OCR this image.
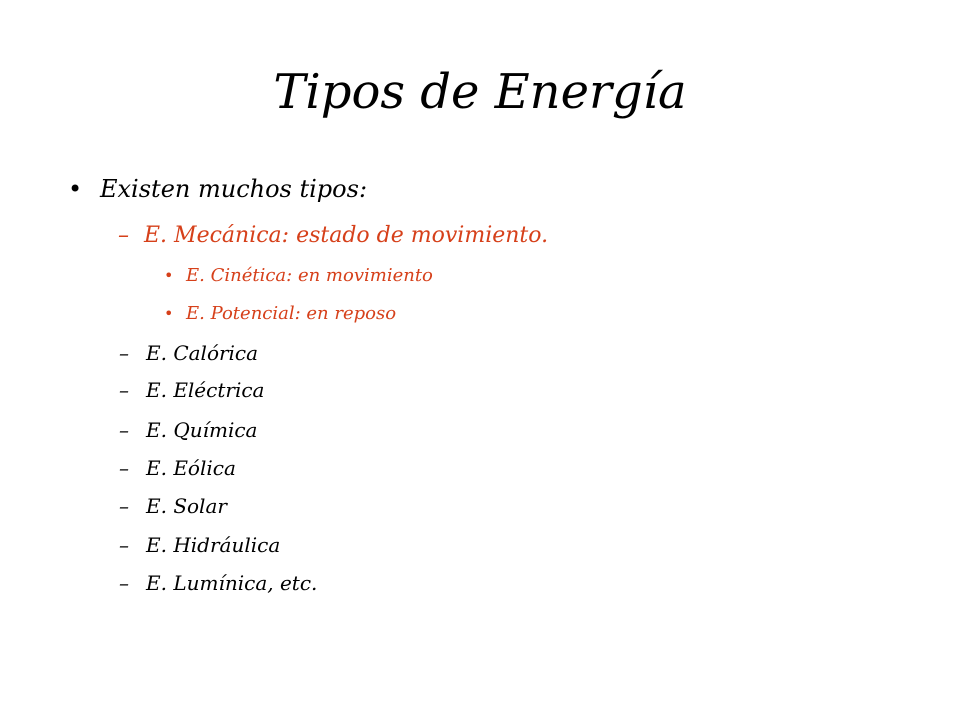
Tipos de Energía
• Existen muchos tipos:
– E. Mecánica: estado de movimiento.
• E. Cinética: en movimiento
• E. Potencial: en reposo
– E. Calórica
– E. Eléctrica
– E. Química
– E. Eólica
– E. Solar
– E. Hidráulica
– E. Lumínica, etc.
